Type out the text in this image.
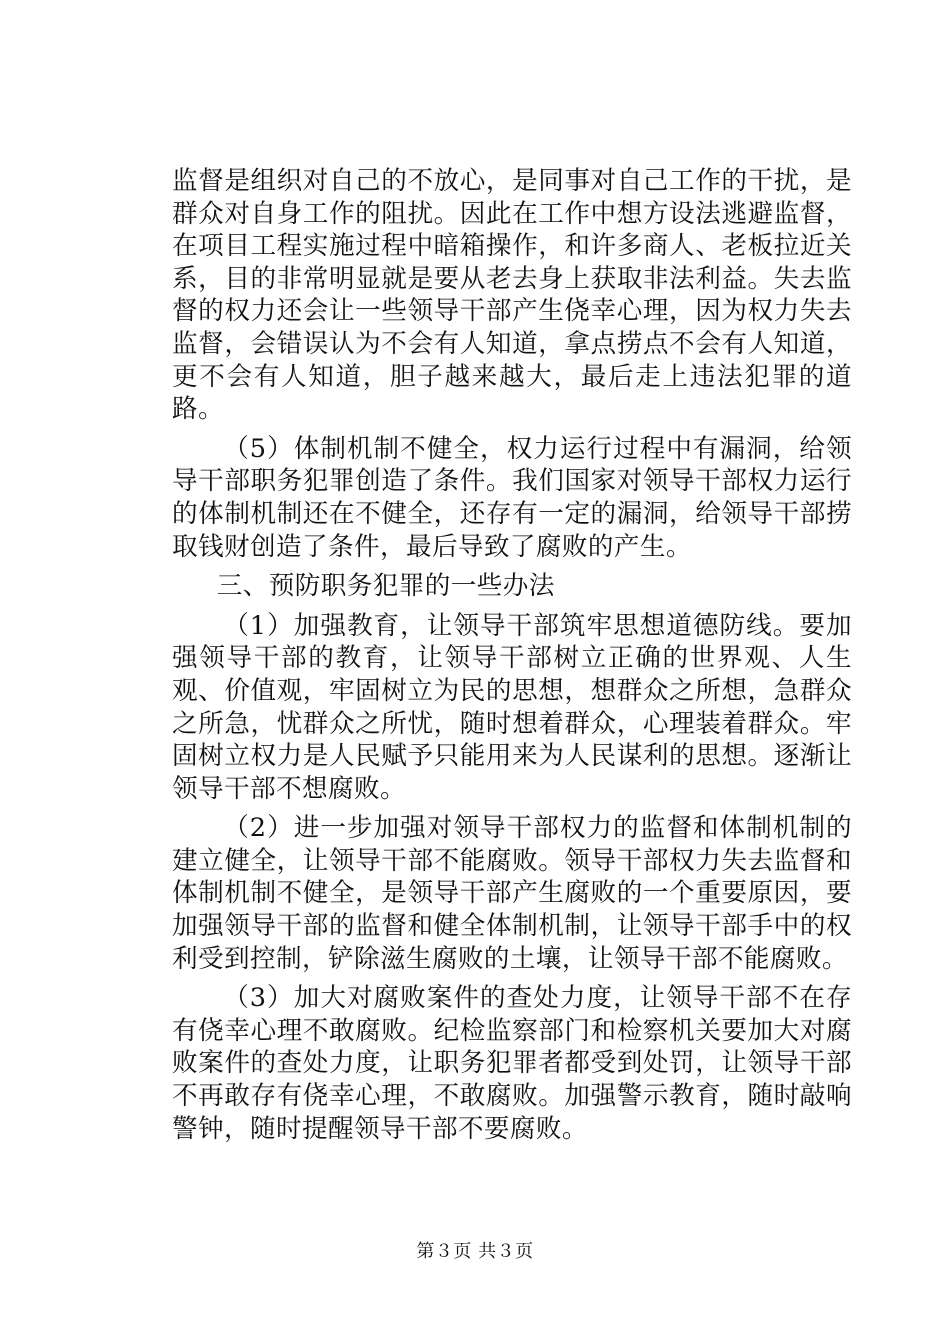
监督是组织对自己的不放心，是同事对自己工作的干扰，是群众对自身工作的阻扰。因此在工作中想方设法逃避监督，在项目工程实施过程中暗箱操作，和许多商人、老板拉近关系，目的非常明显就是要从老去身上获取非法利益。失去监督的权力还会让一些领导干部产生侥幸心理，因为权力失去监督，会错误认为不会有人知道，拿点捞点不会有人知道，更不会有人知道，胆子越来越大，最后走上违法犯罪的道路。

（5）体制机制不健全，权力运行过程中有漏洞，给领导干部职务犯罪创造了条件。我们国家对领导干部权力运行的体制机制还在不健全，还存有一定的漏洞，给领导干部捞取钱财创造了条件，最后导致了腐败的产生。

三、预防职务犯罪的一些办法

（1）加强教育，让领导干部筑牢思想道德防线。要加强领导干部的教育，让领导干部树立正确的世界观、人生观、价值观，牢固树立为民的思想，想群众之所想，急群众之所急，忧群众之所忧，随时想着群众，心理装着群众。牢固树立权力是人民赋予只能用来为人民谋利的思想。逐渐让领导干部不想腐败。

（2）进一步加强对领导干部权力的监督和体制机制的建立健全，让领导干部不能腐败。领导干部权力失去监督和体制机制不健全，是领导干部产生腐败的一个重要原因，要加强领导干部的监督和健全体制机制，让领导干部手中的权利受到控制，铲除滋生腐败的土壤，让领导干部不能腐败。

（3）加大对腐败案件的查处力度，让领导干部不在存有侥幸心理不敢腐败。纪检监察部门和检察机关要加大对腐败案件的查处力度，让职务犯罪者都受到处罚，让领导干部不再敢存有侥幸心理，不敢腐败。加强警示教育，随时敲响警钟，随时提醒领导干部不要腐败。

第３页 共３页
